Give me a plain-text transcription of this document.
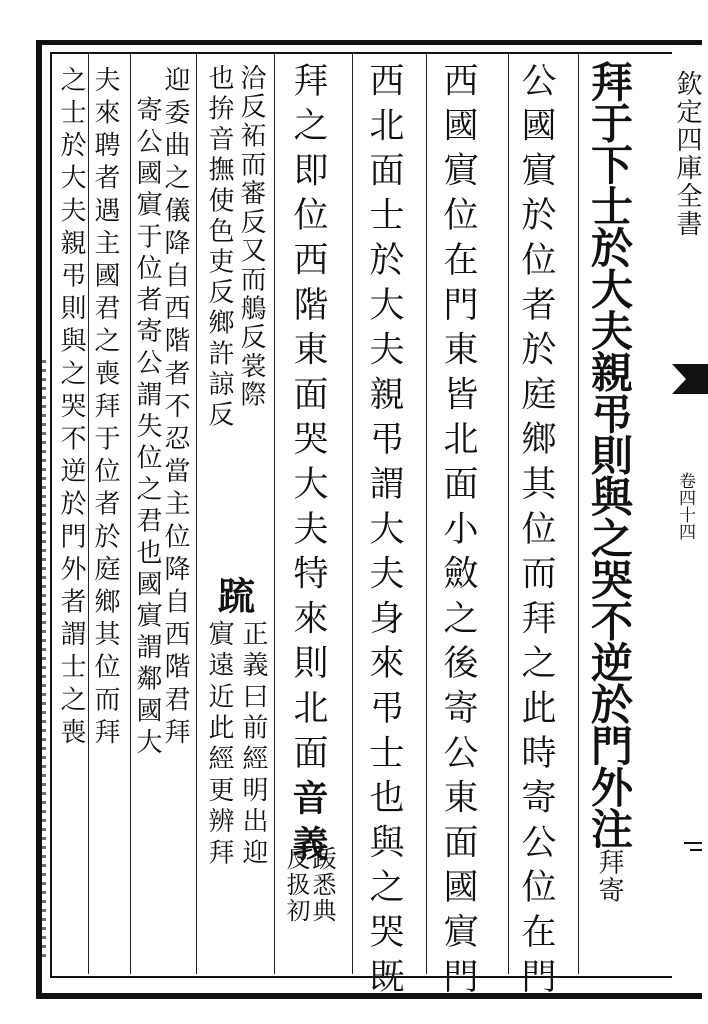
拜于下士於大夫親弔則與之哭不逆於門外注拜寄
公國賔於位者於庭鄉其位而拜之此時寄公位在門
西國賔位在門東皆北面小斂之後寄公東面國賔門
西北面士於大夫親弔謂大夫身來弔士也與之哭既
拜之即位西階東面哭大夫特來則北面音義
䟦悉典
反扱初
洽反袥而審反又而鵃反裳際
也拚音撫使色吏反鄉許諒反
䟽
正義曰前經明出迎
賔遠近此經更辨拜
迎委曲之儀降自西階者不忍當主位降自西階君拜
寄公國賔于位者寄公謂失位之君也國賔謂鄰國大
夫來聘者遇主國君之喪拜于位者於庭鄉其位而拜
之士於大夫親弔則與之哭不逆於門外者謂士之喪	欽定四庫全書
卷四十四
